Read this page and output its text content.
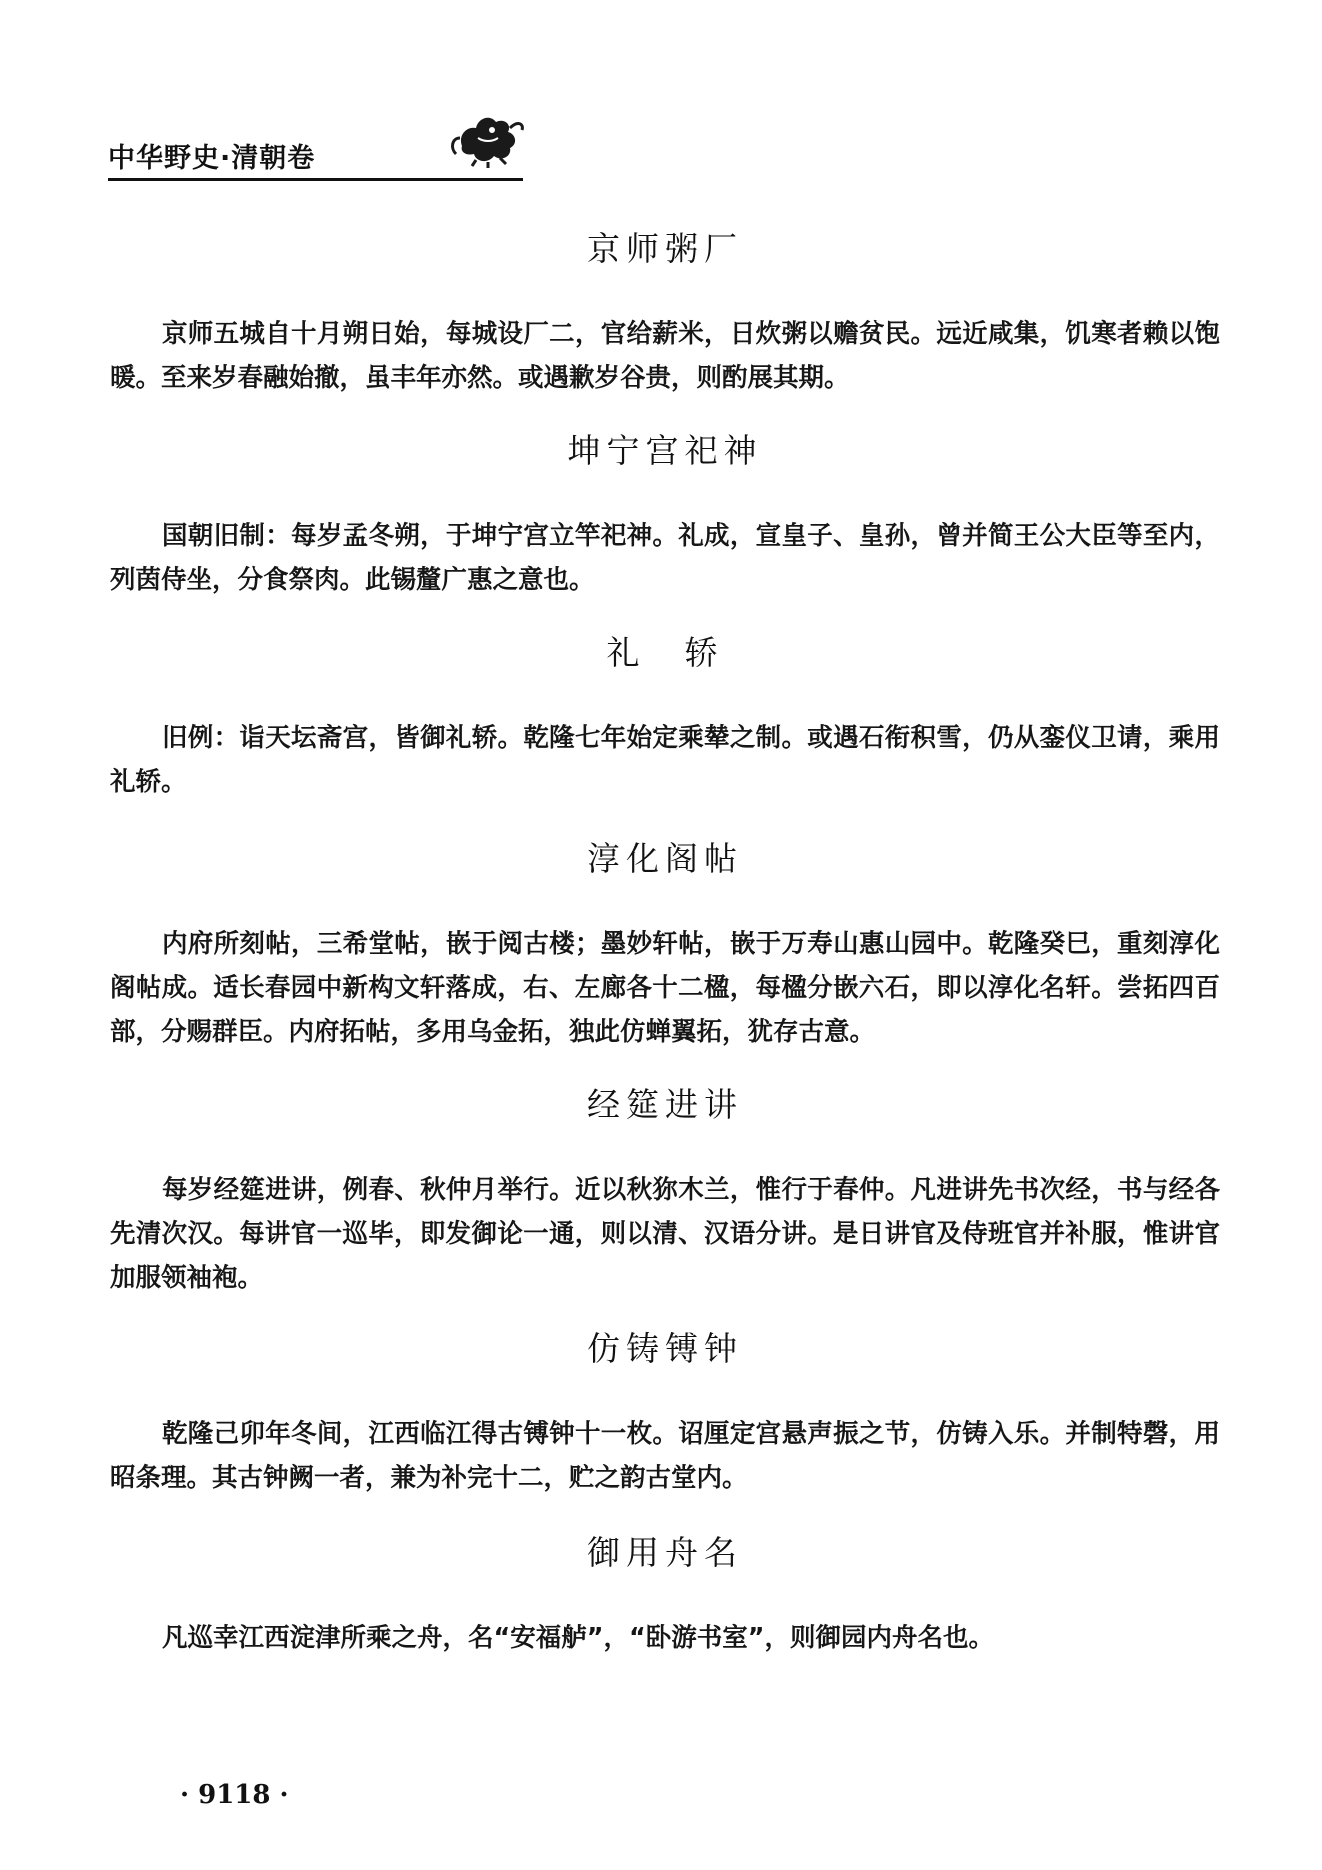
中华野史·清朝卷
京师粥厂

京师五城自十月朔日始，每城设厂二，官给薪米，日炊粥以赡贫民。远近咸集，饥寒者赖以饱暖。至来岁春融始撤，虽丰年亦然。或遇歉岁谷贵，则酌展其期。

坤宁宫祀神

国朝旧制：每岁孟冬朔，于坤宁宫立竿祀神。礼成，宣皇子、皇孙，曾并简王公大臣等至内，列茵侍坐，分食祭肉。此锡釐广惠之意也。

礼　轿

旧例：诣天坛斋宫，皆御礼轿。乾隆七年始定乘辇之制。或遇石衔积雪，仍从銮仪卫请，乘用礼轿。

淳化阁帖

内府所刻帖，三希堂帖，嵌于阅古楼；墨妙轩帖，嵌于万寿山惠山园中。乾隆癸巳，重刻淳化阁帖成。适长春园中新构文轩落成，右、左廊各十二楹，每楹分嵌六石，即以淳化名轩。尝拓四百部，分赐群臣。内府拓帖，多用乌金拓，独此仿蝉翼拓，犹存古意。

经筵进讲

每岁经筵进讲，例春、秋仲月举行。近以秋狝木兰，惟行于春仲。凡进讲先书次经，书与经各先清次汉。每讲官一巡毕，即发御论一通，则以清、汉语分讲。是日讲官及侍班官并补服，惟讲官加服领袖袍。

仿铸镈钟

乾隆己卯年冬间，江西临江得古镈钟十一枚。诏厘定宫悬声振之节，仿铸入乐。并制特磬，用昭条理。其古钟阙一者，兼为补完十二，贮之韵古堂内。

御用舟名

凡巡幸江西淀津所乘之舟，名“安福舻”，“卧游书室”，则御园内舟名也。

· 9118 ·
